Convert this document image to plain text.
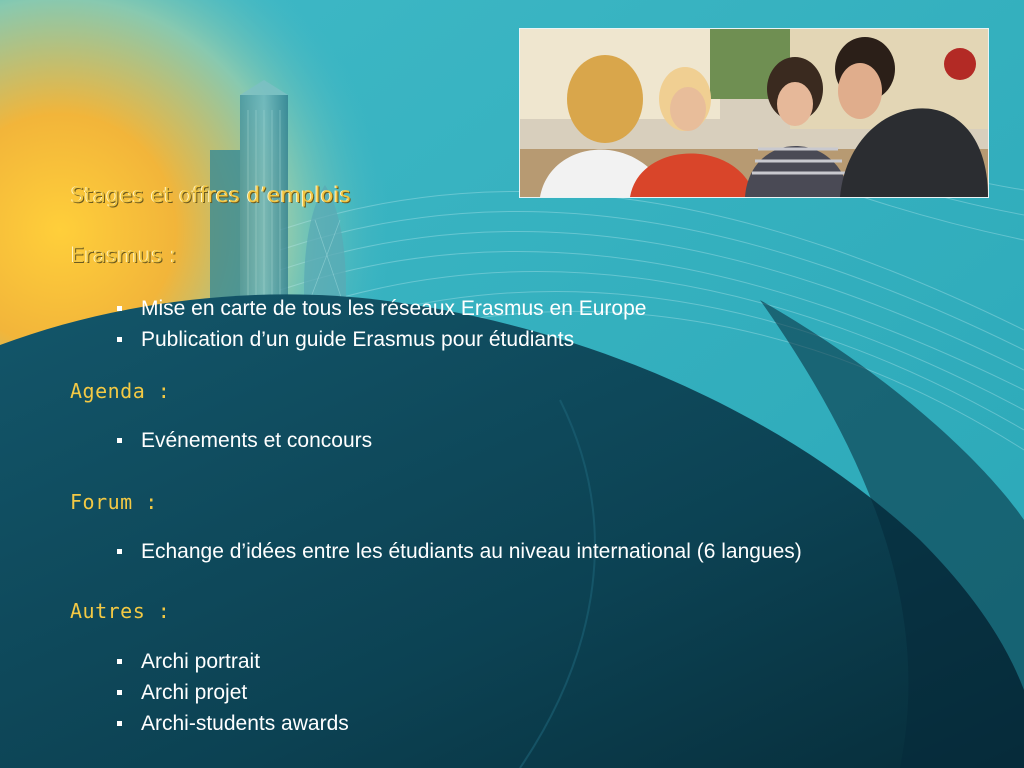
Stages et offres d’emplois
Erasmus :
Mise en carte de tous les réseaux Erasmus en Europe
Publication d’un guide Erasmus pour étudiants
Agenda :
Evénements et concours
Forum :
Echange d’idées entre les étudiants au niveau international (6 langues)
Autres :
Archi portrait
Archi projet
Archi-students awards
